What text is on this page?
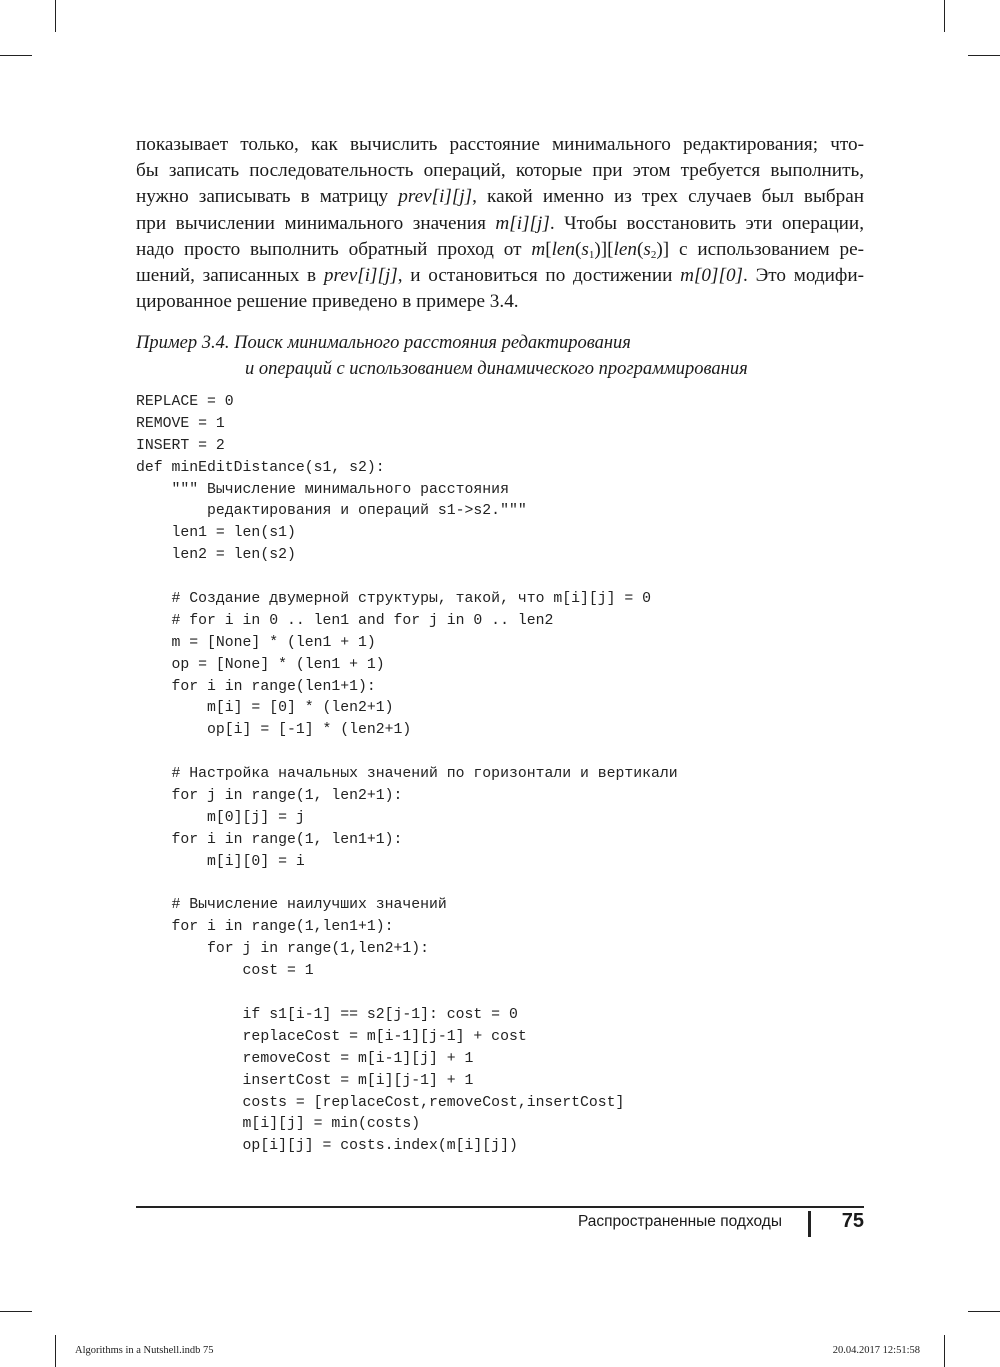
показывает только, как вычислить расстояние минимального редактирования; что-
бы записать последовательность операций, которые при этом требуется выполнить,
нужно записывать в матрицу prev[i][j], какой именно из трех случаев был выбран
при вычислении минимального значения m[i][j]. Чтобы восстановить эти операции,
надо просто выполнить обратный проход от $m[len(s_1)][len(s_2)]$ с использованием ре-
шений, записанных в prev[i][j], и остановиться по достижении m[0][0]. Это модифи-
цированное решение приведено в примере 3.4.
Пример 3.4. Поиск минимального расстояния редактирования
и операций с использованием динамического программирования
REPLACE = 0
REMOVE = 1
INSERT = 2
def minEditDistance(s1, s2):
""" Вычисление минимального расстояния
редактирования и операций s1->s2."""
len1 = len(s1)
len2 = len(s2)
# Создание двумерной структуры, такой, что m[i][j] = 0
# for i in 0 .. len1 and for j in 0 .. len2
m = [None] * (len1 + 1)
op = [None] * (len1 + 1)
for i in range(len1+1):
m[i] = [0] * (len2+1)
op[i] = [-1] * (len2+1)
# Настройка начальных значений по горизонтали и вертикали
for j in range(1, len2+1):
m[0][j] = j
for i in range(1, len1+1):
m[i][0] = i
# Вычисление наилучших значений
for i in range(1,len1+1):
for j in range(1,len2+1):
cost = 1
if s1[i-1] == s2[j-1]: cost = 0
replaceCost = m[i-1][j-1] + cost
removeCost = m[i-1][j] + 1
insertCost = m[i][j-1] + 1
costs = [replaceCost,removeCost,insertCost]
m[i][j] = min(costs)
op[i][j] = costs.index(m[i][j])
Распространенные подходы	75
Algorithms in a Nutshell.indb 75	20.04.2017 12:51:58
